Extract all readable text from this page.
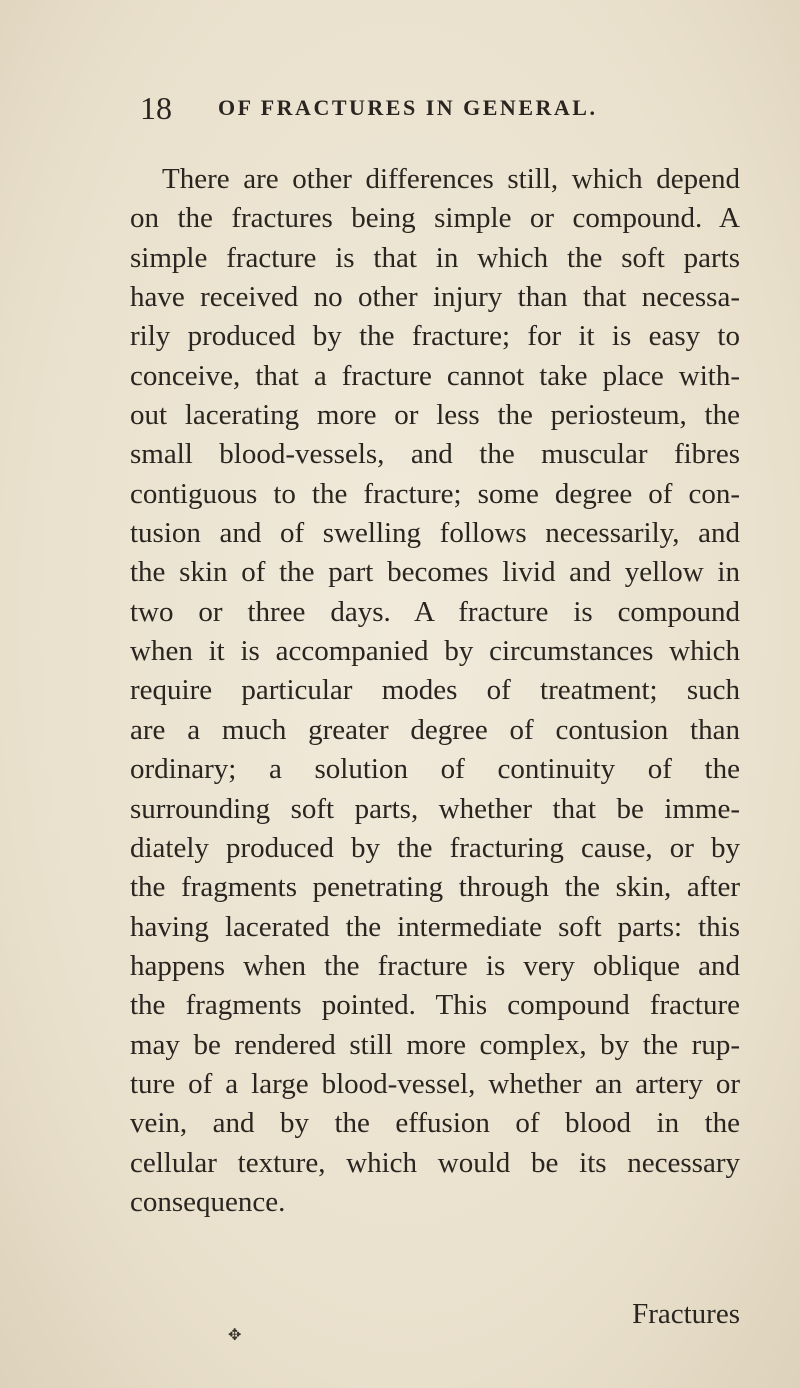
18 OF FRACTURES IN GENERAL.
There are other differences still, which depend
on the fractures being simple or compound. A
simple fracture is that in which the soft parts
have received no other injury than that necessa-
rily produced by the fracture; for it is easy to
conceive, that a fracture cannot take place with-
out lacerating more or less the periosteum, the
small blood-vessels, and the muscular fibres
contiguous to the fracture; some degree of con-
tusion and of swelling follows necessarily, and
the skin of the part becomes livid and yellow in
two or three days. A fracture is compound
when it is accompanied by circumstances which
require particular modes of treatment; such
are a much greater degree of contusion than
ordinary; a solution of continuity of the
surrounding soft parts, whether that be imme-
diately produced by the fracturing cause, or by
the fragments penetrating through the skin, after
having lacerated the intermediate soft parts: this
happens when the fracture is very oblique and
the fragments pointed. This compound fracture
may be rendered still more complex, by the rup-
ture of a large blood-vessel, whether an artery or
vein, and by the effusion of blood in the
cellular texture, which would be its necessary
consequence.
Fractures
✥
